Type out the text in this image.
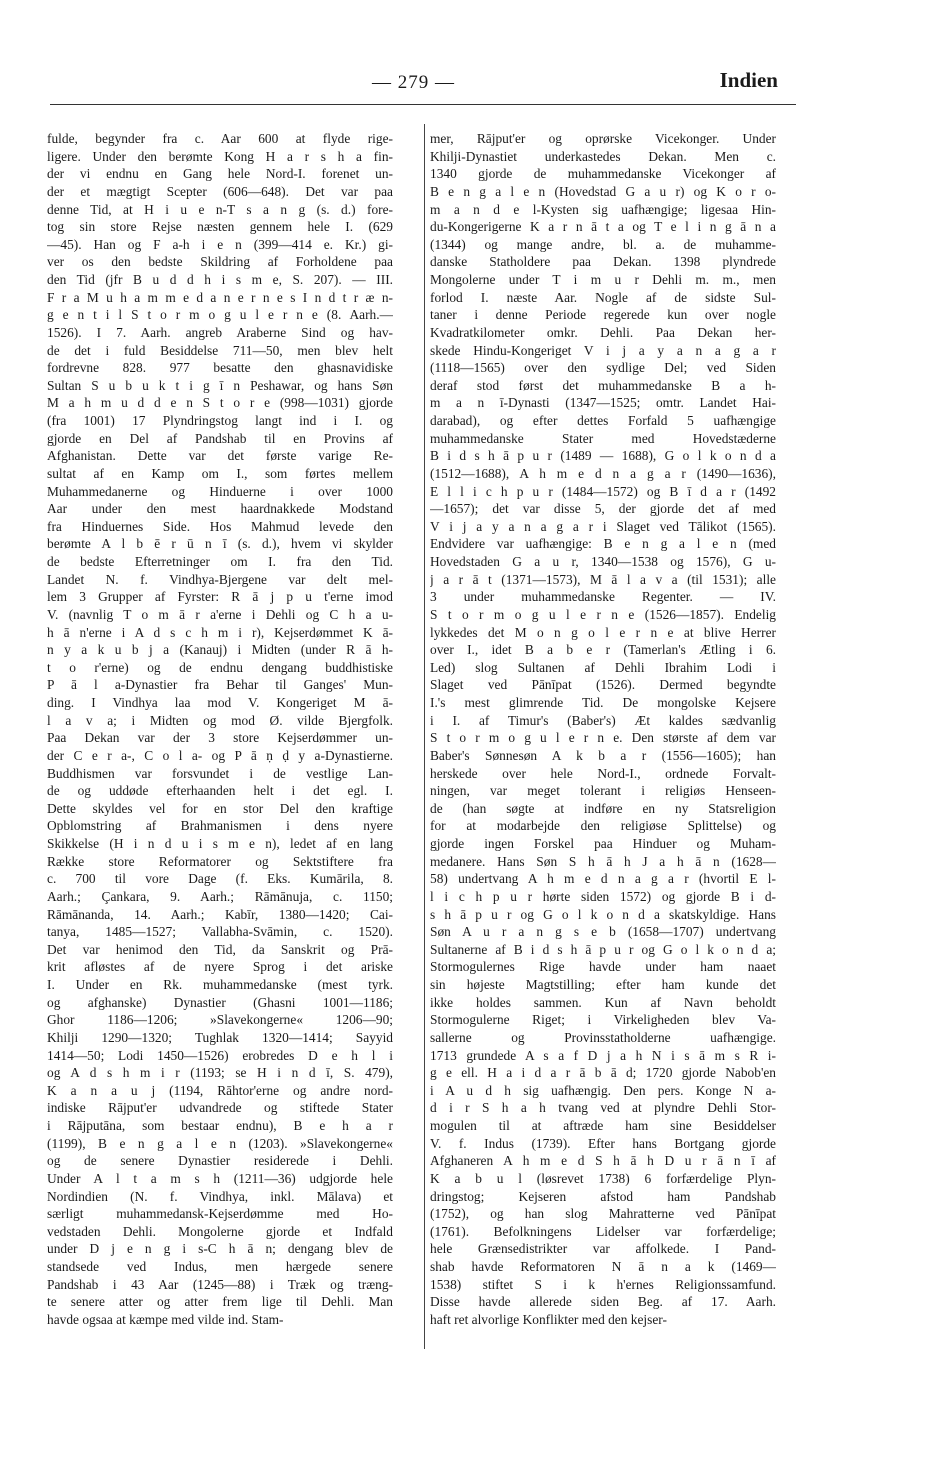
— 279 —	Indien
fulde, begynder fra c. Aar 600 at flyde rige-
ligere. Under den berømte Kong H a r s h a fin-
der vi endnu en Gang hele Nord-I. forenet un-
der et mægtigt Scepter (606—648). Det var paa
denne Tid, at H i u e n-T s a n g (s. d.) fore-
tog sin store Rejse næsten gennem hele I. (629
—45). Han og F a-h i e n (399—414 e. Kr.) gi-
ver os den bedste Skildring af Forholdene paa
den Tid (jfr B u d d h i s m e, S. 207). — III.
F r a M u h a m m e d a n e r n e s I n d t r æ n-
g e n t i l S t o r m o g u l e r n e (8. Aarh.—
1526). I 7. Aarh. angreb Araberne Sind og hav-
de det i fuld Besiddelse 711—50, men blev helt
fordrevne 828. 977 besatte den ghasnavidiske
Sultan S u b u k t i g ī n Peshawar, og hans Søn
M a h m u d d e n S t o r e (998—1031) gjorde
(fra 1001) 17 Plyndringstog langt ind i I. og
gjorde en Del af Pandshab til en Provins af
Afghanistan. Dette var det første varige Re-
sultat af en Kamp om I., som førtes mellem
Muhammedanerne og Hinduerne i over 1000
Aar under den mest haardnakkede Modstand
fra Hinduernes Side. Hos Mahmud levede den
berømte A l b ē r ū n ī (s. d.), hvem vi skylder
de bedste Efterretninger om I. fra den Tid.
Landet N. f. Vindhya-Bjergene var delt mel-
lem 3 Grupper af Fyrster: R ā j p u t'erne imod
V. (navnlig T o m ā r a'erne i Dehli og C h a u-
h ā n'erne i A d s c h m i r), Kejserdømmet K ā-
n y a k u b j a (Kanauj) i Midten (under R ā h-
t o r'erne) og de endnu dengang buddhistiske
P ā l a-Dynastier fra Behar til Ganges' Mun-
ding. I Vindhya laa mod V. Kongeriget M ā-
l a v a; i Midten og mod Ø. vilde Bjergfolk.
Paa Dekan var der 3 store Kejserdømmer un-
der C e r a-, C o l a- og P ā ṇ ḍ y a-Dynastierne.
Buddhismen var forsvundet i de vestlige Lan-
de og uddøde efterhaanden helt i det egl. I.
Dette skyldes vel for en stor Del den kraftige
Opblomstring af Brahmanismen i dens nyere
Skikkelse (H i n d u i s m e n), ledet af en lang
Række store Reformatorer og Sektstiftere fra
c. 700 til vore Dage (f. Eks. Kumārila, 8.
Aarh.; Çankara, 9. Aarh.; Rāmānuja, c. 1150;
Rāmānanda, 14. Aarh.; Kabīr, 1380—1420; Cai-
tanya, 1485—1527; Vallabha-Svāmin, c. 1520).
Det var henimod den Tid, da Sanskrit og Prā-
krit afløstes af de nyere Sprog i det ariske
I. Under en Rk. muhammedanske (mest tyrk.
og afghanske) Dynastier (Ghasni 1001—1186;
Ghor 1186—1206; »Slavekongerne« 1206—90;
Khilji 1290—1320; Tughlak 1320—1414; Sayyid
1414—50; Lodi 1450—1526) erobredes D e h l i
og A d s h m i r (1193; se H i n d ī, S. 479),
K a n a u j (1194, Rāhtor'erne og andre nord-
indiske Rājput'er udvandrede og stiftede Stater
i Rājputāna, som bestaar endnu), B e h a r
(1199), B e n g a l e n (1203). »Slavekongerne«
og de senere Dynastier residerede i Dehli.
Under A l t a m s h (1211—36) udgjorde hele
Nordindien (N. f. Vindhya, inkl. Mālava) et
særligt muhammedansk-Kejserdømme med Ho-
vedstaden Dehli. Mongolerne gjorde et Indfald
under D j e n g i s-C h ā n; dengang blev de
standsede ved Indus, men hærgede senere
Pandshab i 43 Aar (1245—88) i Træk og træng-
te senere atter og atter frem lige til Dehli. Man
havde ogsaa at kæmpe med vilde ind. Stam-
mer, Rājput'er og oprørske Vicekonger. Under
Khilji-Dynastiet underkastedes Dekan. Men c.
1340 gjorde de muhammedanske Vicekonger af
B e n g a l e n (Hovedstad G a u r) og K o r o-
m a n d e l-Kysten sig uafhængige; ligesaa Hin-
du-Kongerigerne K a r n ā t a og T e l i n g ā n a
(1344) og mange andre, bl. a. de muhamme-
danske Statholdere paa Dekan. 1398 plyndrede
Mongolerne under T i m u r Dehli m. m., men
forlod I. næste Aar. Nogle af de sidste Sul-
taner i denne Periode regerede kun over nogle
Kvadratkilometer omkr. Dehli. Paa Dekan her-
skede Hindu-Kongeriget V i j a y a n a g a r
(1118—1565) over den sydlige Del; ved Siden
deraf stod først det muhammedanske B a h-
m a n ī-Dynasti (1347—1525; omtr. Landet Hai-
darabad), og efter dettes Forfald 5 uafhængige
muhammedanske Stater med Hovedstæderne
B i d s h ā p u r (1489 — 1688), G o l k o n d a
(1512—1688), A h m e d n a g a r (1490—1636),
E l l i c h p u r (1484—1572) og B ī d a r (1492
—1657); det var disse 5, der gjorde det af med
V i j a y a n a g a r i Slaget ved Tālikot (1565).
Endvidere var uafhængige: B e n g a l e n (med
Hovedstaden G a u r, 1340—1538 og 1576), G u-
j a r ā t (1371—1573), M ā l a v a (til 1531); alle
3 under muhammedanske Regenter. — IV.
S t o r m o g u l e r n e (1526—1857). Endelig
lykkedes det M o n g o l e r n e at blive Herrer
over I., idet B a b e r (Tamerlan's Ætling i 6.
Led) slog Sultanen af Dehli Ibrahim Lodi i
Slaget ved Pānīpat (1526). Dermed begyndte
I.'s mest glimrende Tid. De mongolske Kejsere
i I. af Timur's (Baber's) Æt kaldes sædvanlig
S t o r m o g u l e r n e. Den største af dem var
Baber's Sønnesøn A k b a r (1556—1605); han
herskede over hele Nord-I., ordnede Forvalt-
ningen, var meget tolerant i religiøs Henseen-
de (han søgte at indføre en ny Statsreligion
for at modarbejde den religiøse Splittelse) og
gjorde ingen Forskel paa Hinduer og Muham-
medanere. Hans Søn S h ā h J a h ā n (1628—
58) undertvang A h m e d n a g a r (hvortil E l-
l i c h p u r hørte siden 1572) og gjorde B i d-
s h ā p u r og G o l k o n d a skatskyldige. Hans
Søn A u r a n g s e b (1658—1707) undertvang
Sultanerne af B i d s h ā p u r og G o l k o n d a;
Stormogulernes Rige havde under ham naaet
sin højeste Magtstilling; efter ham kunde det
ikke holdes sammen. Kun af Navn beholdt
Stormogulerne Riget; i Virkeligheden blev Va-
sallerne og Provinsstatholderne uafhængige.
1713 grundede A s a f D j a h N i s ā m s R i-
g e ell. H a i d a r ā b ā d; 1720 gjorde Nabob'en
i A u d h sig uafhængig. Den pers. Konge N a-
d i r S h a h tvang ved at plyndre Dehli Stor-
mogulen til at aftræde ham sine Besiddelser
V. f. Indus (1739). Efter hans Bortgang gjorde
Afghaneren A h m e d S h ā h D u r ā n ī af
K a b u l (løsrevet 1738) 6 forfærdelige Plyn-
dringstog; Kejseren afstod ham Pandshab
(1752), og han slog Mahratterne ved Pānīpat
(1761). Befolkningens Lidelser var forfærdelige;
hele Grænsedistrikter var affolkede. I Pand-
shab havde Reformatoren N ā n a k (1469—
1538) stiftet S i k h'ernes Religionssamfund.
Disse havde allerede siden Beg. af 17. Aarh.
haft ret alvorlige Konflikter med den kejser-
